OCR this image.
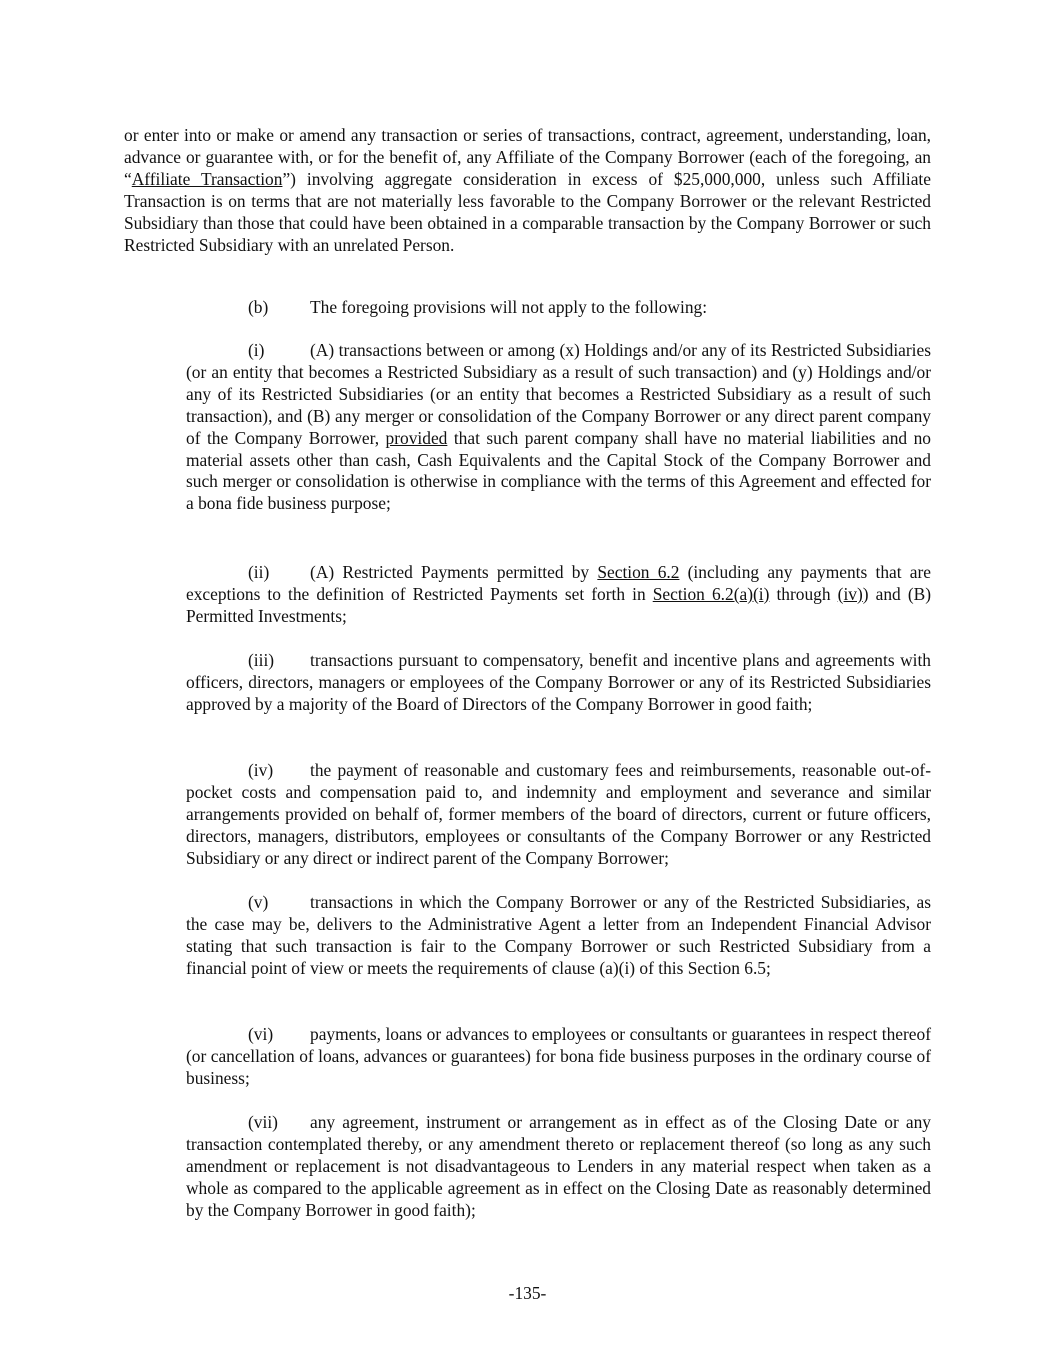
or enter into or make or amend any transaction or series of transactions, contract, agreement, understanding, loan, advance or guarantee with, or for the benefit of, any Affiliate of the Company Borrower (each of the foregoing, an “Affiliate Transaction”) involving aggregate consideration in excess of $25,000,000, unless such Affiliate Transaction is on terms that are not materially less favorable to the Company Borrower or the relevant Restricted Subsidiary than those that could have been obtained in a comparable transaction by the Company Borrower or such Restricted Subsidiary with an unrelated Person.

(b) The foregoing provisions will not apply to the following:

(i)	(A) transactions between or among (x) Holdings and/or any of its Restricted Subsidiaries (or an entity that becomes a Restricted Subsidiary as a result of such transaction) and (y) Holdings and/or any of its Restricted Subsidiaries (or an entity that becomes a Restricted Subsidiary as a result of such transaction), and (B) any merger or consolidation of the Company Borrower or any direct parent company of the Company Borrower, provided that such parent company shall have no material liabilities and no material assets other than cash, Cash Equivalents and the Capital Stock of the Company Borrower and such merger or consolidation is otherwise in compliance with the terms of this Agreement and effected for a bona fide business purpose;

(ii) (A) Restricted Payments permitted by Section 6.2 (including any payments that are exceptions to the definition of Restricted Payments set forth in Section 6.2(a)(i) through (iv)) and (B) Permitted Investments;

(iii) transactions pursuant to compensatory, benefit and incentive plans and agreements with officers, directors, managers or employees of the Company Borrower or any of its Restricted Subsidiaries approved by a majority of the Board of Directors of the Company Borrower in good faith;

(iv) the payment of reasonable and customary fees and reimbursements, reasonable out-of-pocket costs and compensation paid to, and indemnity and employment and severance and similar arrangements provided on behalf of, former members of the board of directors, current or future officers, directors, managers, distributors, employees or consultants of the Company Borrower or any Restricted Subsidiary or any direct or indirect parent of the Company Borrower;

(v) transactions in which the Company Borrower or any of the Restricted Subsidiaries, as the case may be, delivers to the Administrative Agent a letter from an Independent Financial Advisor stating that such transaction is fair to the Company Borrower or such Restricted Subsidiary from a financial point of view or meets the requirements of clause (a)(i) of this Section 6.5;

(vi) payments, loans or advances to employees or consultants or guarantees in respect thereof (or cancellation of loans, advances or guarantees) for bona fide business purposes in the ordinary course of business;

(vii) any agreement, instrument or arrangement as in effect as of the Closing Date or any transaction contemplated thereby, or any amendment thereto or replacement thereof (so long as any such amendment or replacement is not disadvantageous to Lenders in any material respect when taken as a whole as compared to the applicable agreement as in effect on the Closing Date as reasonably determined by the Company Borrower in good faith);

-135-
